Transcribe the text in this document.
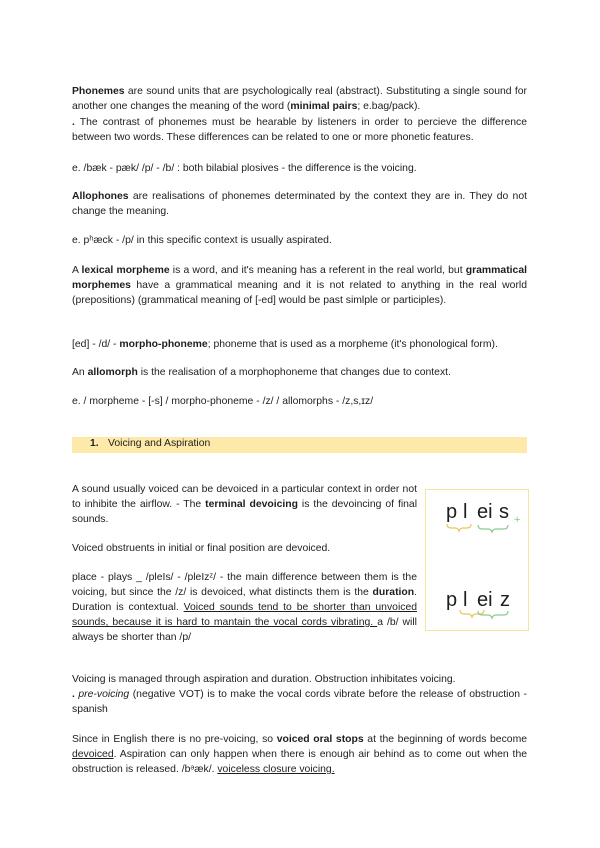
Phonemes are sound units that are psychologically real (abstract). Substituting a single sound for another one changes the meaning of the word (minimal pairs; e.bag/pack).

. The contrast of phonemes must be hearable by listeners in order to percieve the difference between two words. These differences can be related to one or more phonetic features.

e. /bæk - pæk/ /p/ - /b/ : both bilabial plosives - the difference is the voicing.

Allophones are realisations of phonemes determinated by the context they are in. They do not change the meaning.

e. pʰæck - /p/ in this specific context is usually aspirated.

A lexical morpheme is a word, and it's meaning has a referent in the real world, but grammatical morphemes have a grammatical meaning and it is not related to anything in the real world (prepositions) (grammatical meaning of [-ed] would be past simlple or participles).

[ed] - /d/ - morpho-phoneme; phoneme that is used as a morpheme (it's phonological form).

An allomorph is the realisation of a morphophoneme that changes due to context.

e. / morpheme - [-s] / morpho-phoneme - /z/ / allomorphs - /z,s,ɪz/

1. Voicing and Aspiration

A sound usually voiced can be devoiced in a particular context in order not to inhibite the airflow. - The terminal devoicing is the devoincing of final sounds.

Voiced obstruents in initial or final position are devoiced.

place - plays _ /pleIs/ - /pleIzᶻ/ - the main difference between them is the voicing, but since the /z/ is devoiced, what distincts them is the duration. Duration is contextual. Voiced sounds tend to be shorter than unvoiced sounds, because it is hard to mantain the vocal cords vibrating. a /b/ will always be shorter than /p/

p l ei s
p l ei z
+

Voicing is managed through aspiration and duration. Obstruction inhibitates voicing.

. pre-voicing (negative VOT) is to make the vocal cords vibrate before the release of obstruction - spanish

Since in English there is no pre-voicing, so voiced oral stops at the beginning of words become devoiced. Aspiration can only happen when there is enough air behind as to come out when the obstruction is released. /bᵊæk/. voiceless closure voicing.
